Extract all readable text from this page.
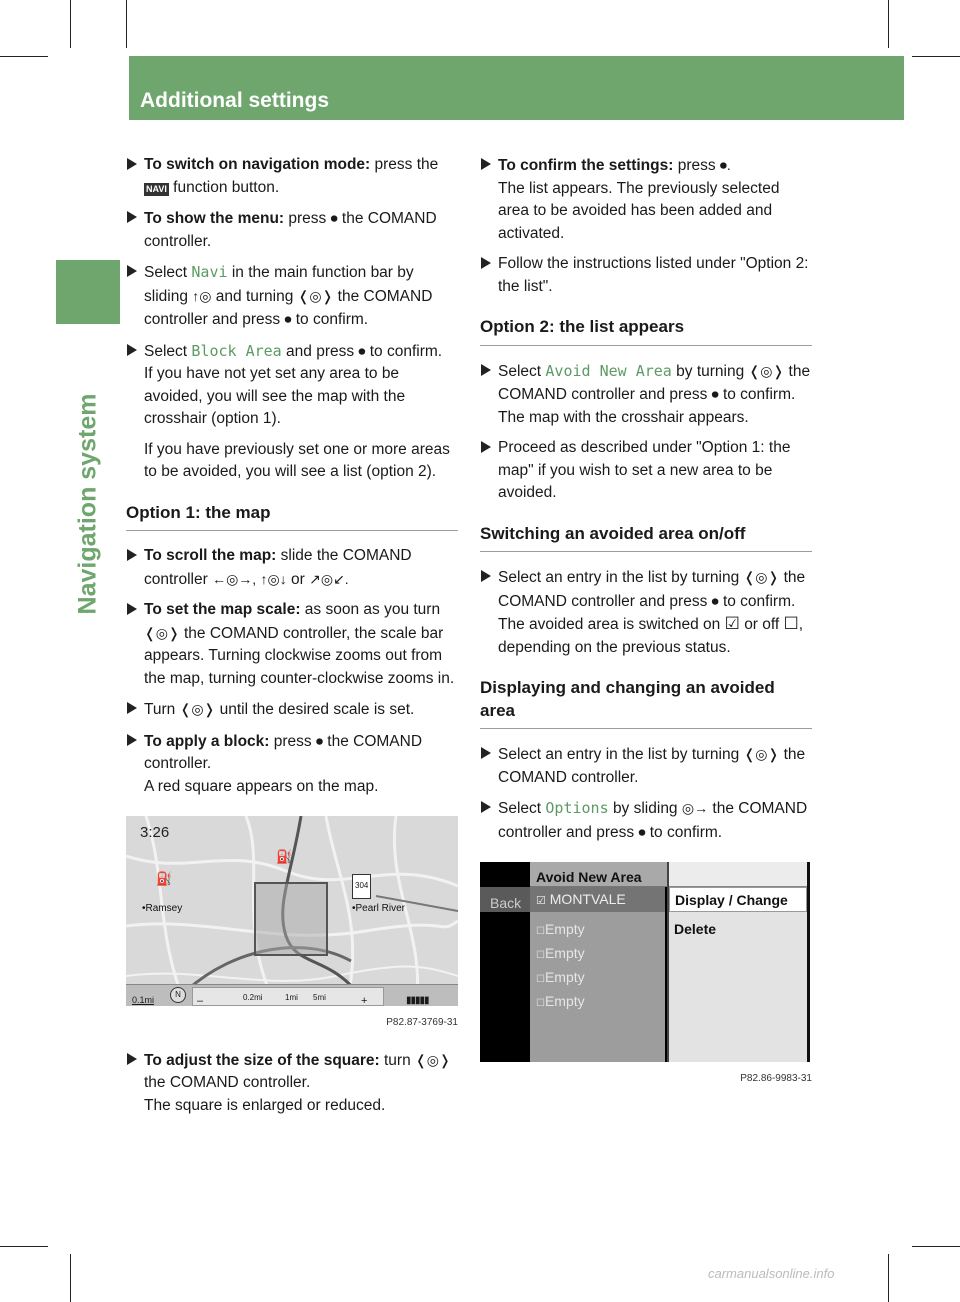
94 Additional settings
Navigation system
To switch on navigation mode: press the NAVI function button.
To show the menu: press ⏺ the COMAND controller.
Select Navi in the main function bar by sliding ↑◎ and turning ❬◎❭ the COMAND controller and press ⏺ to confirm.
Select Block Area and press ⏺ to confirm.
If you have not yet set any area to be avoided, you will see the map with the crosshair (option 1).
If you have previously set one or more areas to be avoided, you will see a list (option 2).
Option 1: the map
To scroll the map: slide the COMAND controller ←◎→, ↑◎↓ or ↗◎↙.
To set the map scale: as soon as you turn ❬◎❭ the COMAND controller, the scale bar appears. Turning clockwise zooms out from the map, turning counter-clockwise zooms in.
Turn ❬◎❭ until the desired scale is set.
To apply a block: press ⏺ the COMAND controller.
A red square appears on the map.
3:26
⛽
⛽
•Ramsey	•Pearl River
304
0.1mi
N
–	0.2mi	1mi 5mi	+	▮▮▮▮▮
P82.87-3769-31
To adjust the size of the square: turn ❬◎❭ the COMAND controller.
The square is enlarged or reduced.
To confirm the settings: press ⏺.
The list appears. The previously selected area to be avoided has been added and activated.
Follow the instructions listed under "Option 2: the list".
Option 2: the list appears
Select Avoid New Area by turning ❬◎❭ the COMAND controller and press ⏺ to confirm.
The map with the crosshair appears.
Proceed as described under "Option 1: the map" if you wish to set a new area to be avoided.
Switching an avoided area on/off
Select an entry in the list by turning ❬◎❭ the COMAND controller and press ⏺ to confirm.
The avoided area is switched on ☑ or off ☐, depending on the previous status.
Displaying and changing an avoided area
Select an entry in the list by turning ❬◎❭ the COMAND controller.
Select Options by sliding ◎→ the COMAND controller and press ⏺ to confirm.
Avoid New Area
Back	☑ MONTVALE
☐Empty
☐Empty
☐Empty
☐Empty
Display / Change
Delete
P82.86-9983-31
carmanualsonline.info
